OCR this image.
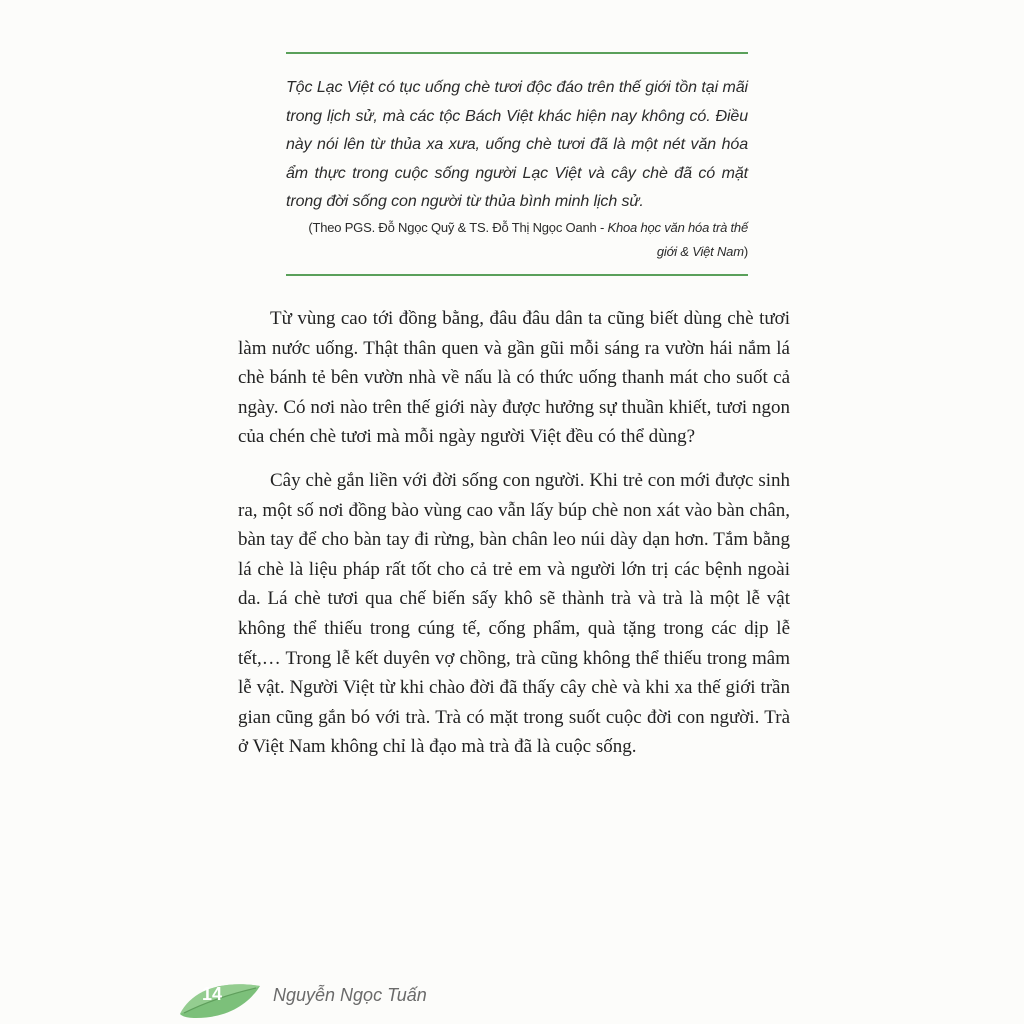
Tộc Lạc Việt có tục uống chè tươi độc đáo trên thế giới tồn tại mãi trong lịch sử, mà các tộc Bách Việt khác hiện nay không có. Điều này nói lên từ thủa xa xưa, uống chè tươi đã là một nét văn hóa ẩm thực trong cuộc sống người Lạc Việt và cây chè đã có mặt trong đời sống con người từ thủa bình minh lịch sử.
(Theo PGS. Đỗ Ngọc Quỹ & TS. Đỗ Thị Ngọc Oanh - Khoa học văn hóa trà thế giới & Việt Nam)

Từ vùng cao tới đồng bằng, đâu đâu dân ta cũng biết dùng chè tươi làm nước uống. Thật thân quen và gần gũi mỗi sáng ra vườn hái nắm lá chè bánh tẻ bên vườn nhà về nấu là có thức uống thanh mát cho suốt cả ngày. Có nơi nào trên thế giới này được hưởng sự thuần khiết, tươi ngon của chén chè tươi mà mỗi ngày người Việt đều có thể dùng?

Cây chè gắn liền với đời sống con người. Khi trẻ con mới được sinh ra, một số nơi đồng bào vùng cao vẫn lấy búp chè non xát vào bàn chân, bàn tay để cho bàn tay đi rừng, bàn chân leo núi dày dạn hơn. Tắm bằng lá chè là liệu pháp rất tốt cho cả trẻ em và người lớn trị các bệnh ngoài da. Lá chè tươi qua chế biến sấy khô sẽ thành trà và trà là một lễ vật không thể thiếu trong cúng tế, cống phẩm, quà tặng trong các dịp lễ tết,… Trong lễ kết duyên vợ chồng, trà cũng không thể thiếu trong mâm lễ vật. Người Việt từ khi chào đời đã thấy cây chè và khi xa thế giới trần gian cũng gắn bó với trà. Trà có mặt trong suốt cuộc đời con người. Trà ở Việt Nam không chỉ là đạo mà trà đã là cuộc sống.

14	Nguyễn Ngọc Tuấn
